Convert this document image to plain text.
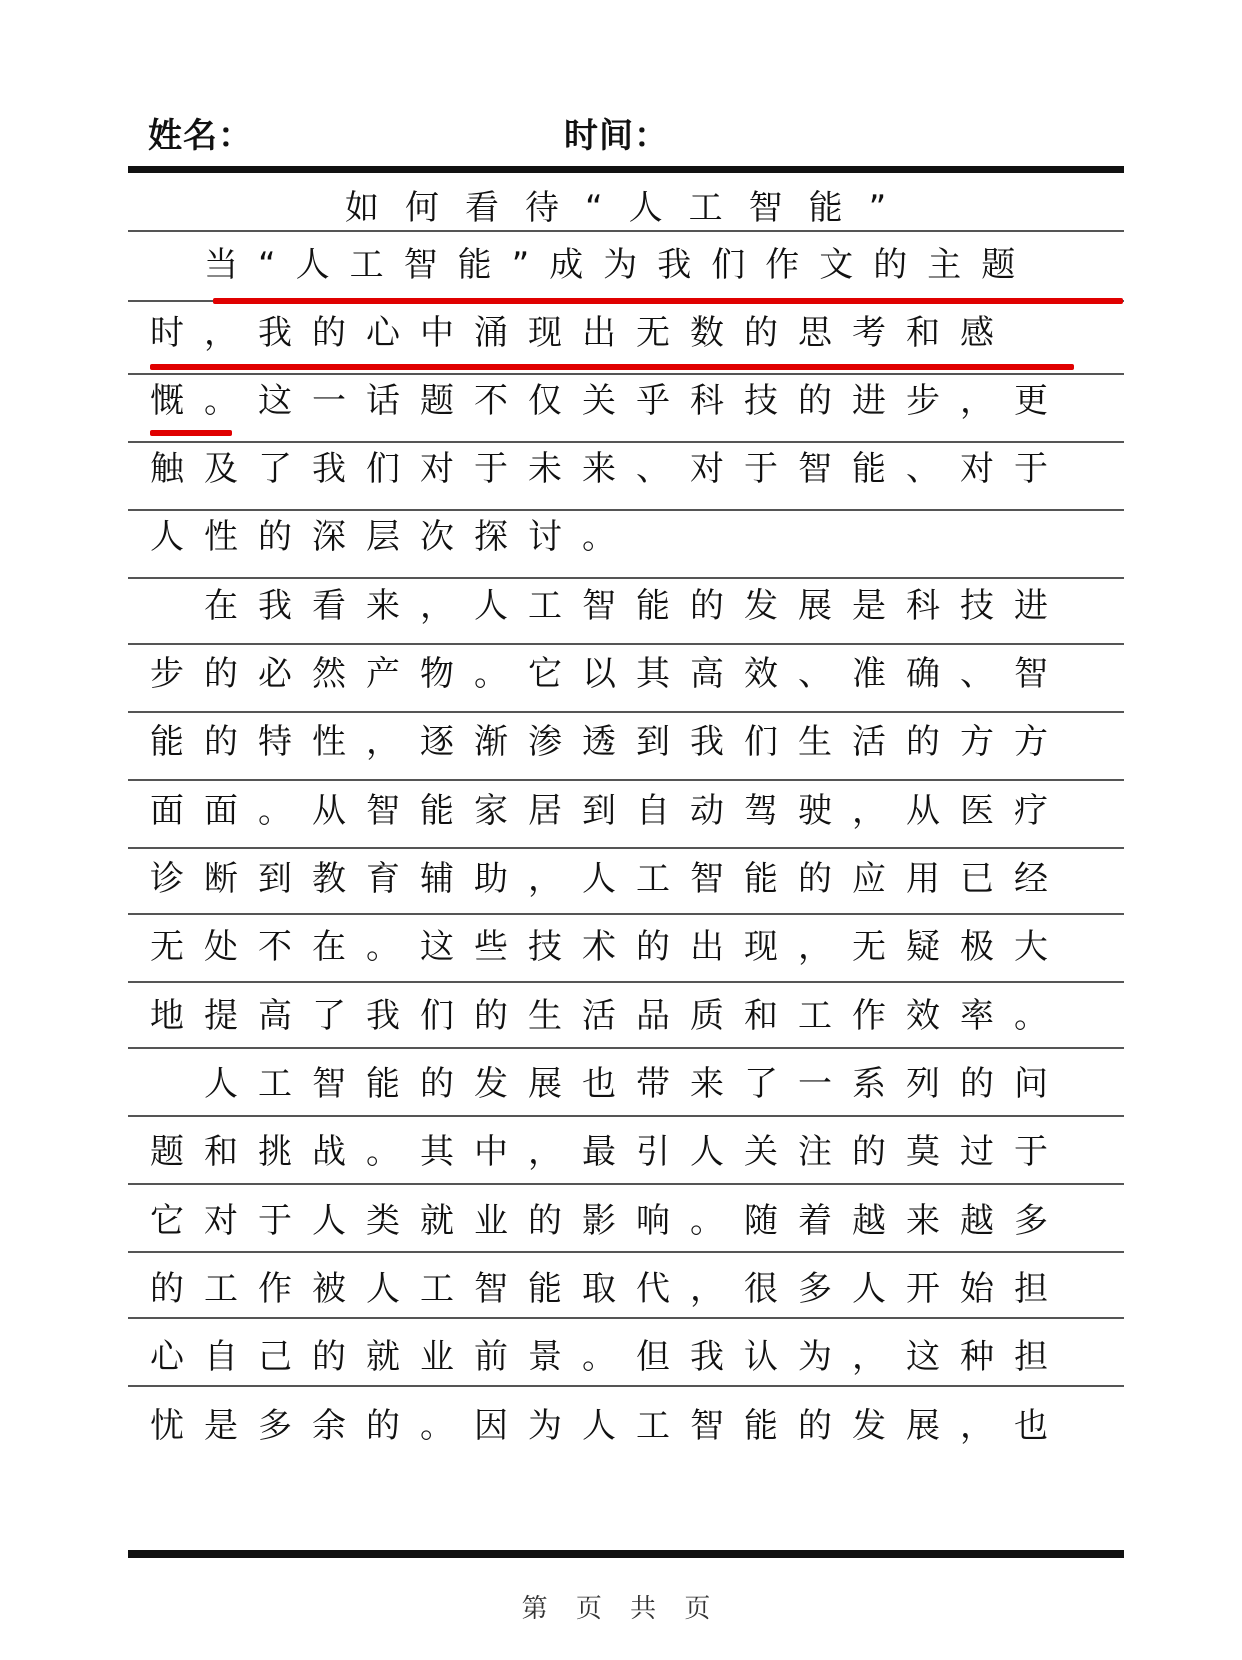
姓名：	时间：
如何看待“人工智能”
　当“人工智能”成为我们作文的主题
时，我的心中涌现出无数的思考和感
慨。这一话题不仅关乎科技的进步，更
触及了我们对于未来、对于智能、对于
人性的深层次探讨。
　在我看来，人工智能的发展是科技进
步的必然产物。它以其高效、准确、智
能的特性，逐渐渗透到我们生活的方方
面面。从智能家居到自动驾驶，从医疗
诊断到教育辅助，人工智能的应用已经
无处不在。这些技术的出现，无疑极大
地提高了我们的生活品质和工作效率。
　人工智能的发展也带来了一系列的问
题和挑战。其中，最引人关注的莫过于
它对于人类就业的影响。随着越来越多
的工作被人工智能取代，很多人开始担
心自己的就业前景。但我认为，这种担
忧是多余的。因为人工智能的发展，也
第 页 共 页
